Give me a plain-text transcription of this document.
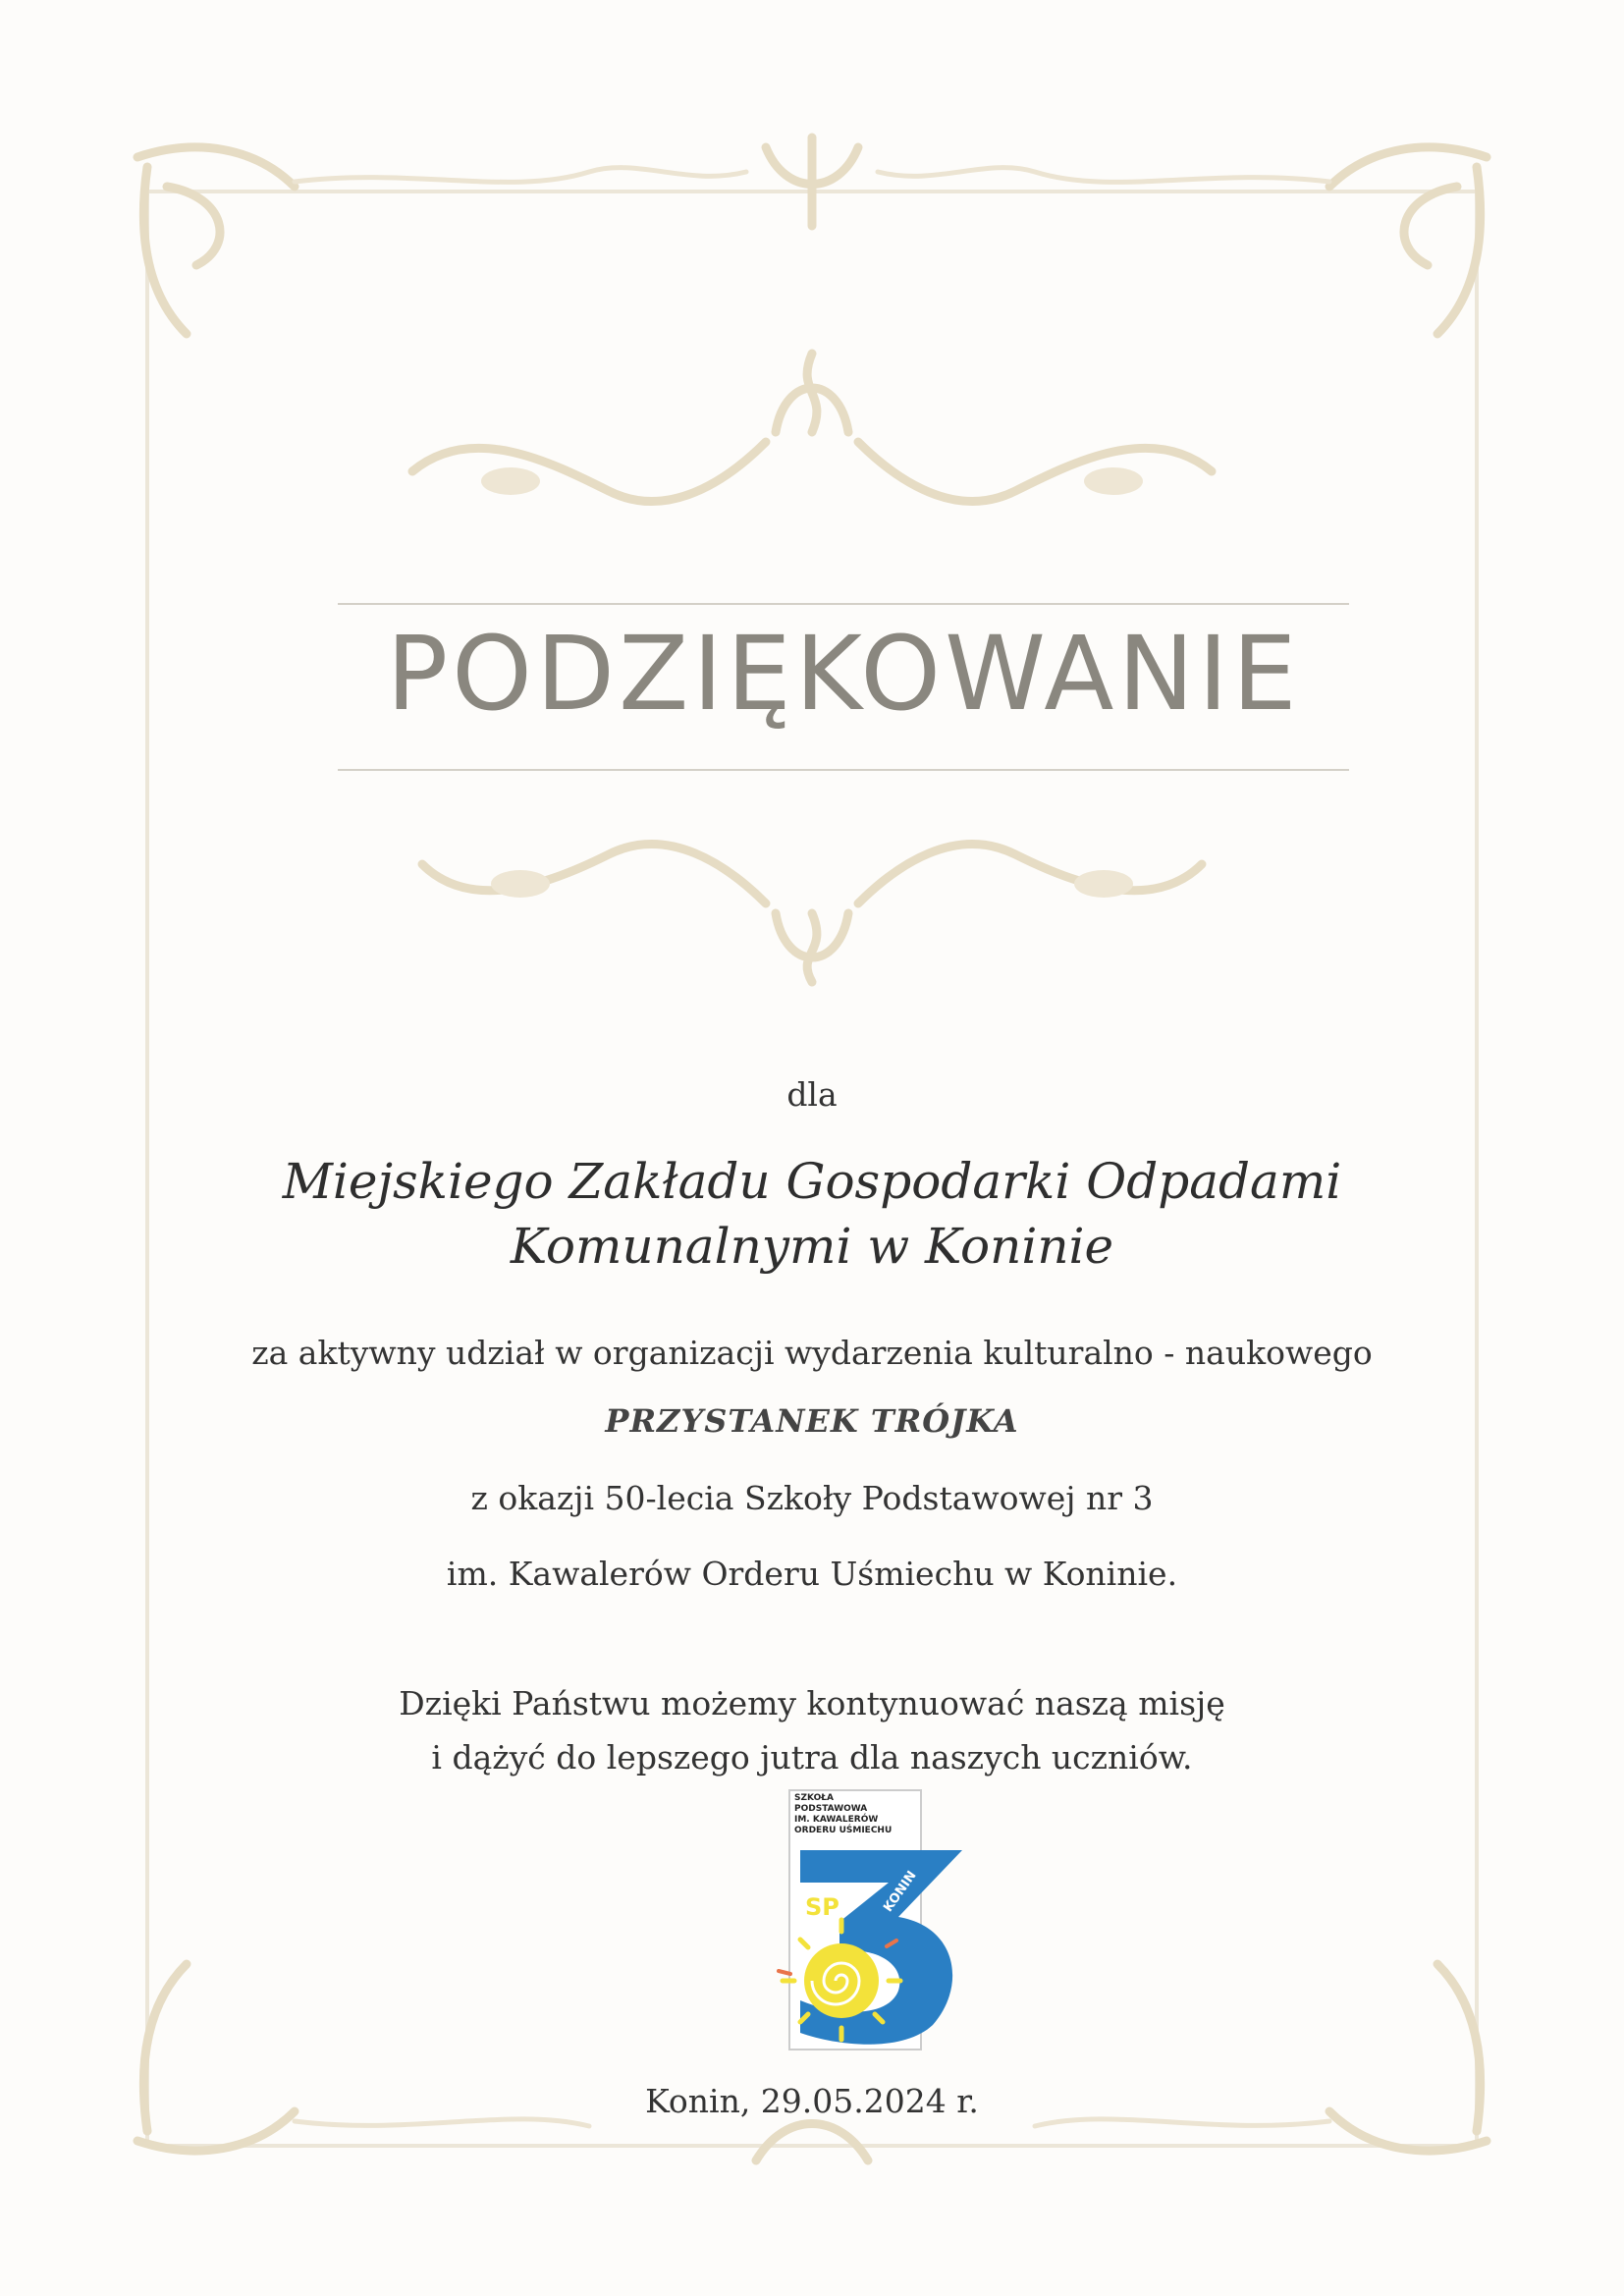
PODZIĘKOWANIE
dla
Miejskiego Zakładu Gospodarki Odpadami
Komunalnymi w Koninie
za aktywny udział w organizacji wydarzenia kulturalno - naukowego
PRZYSTANEK TRÓJKA
z okazji 50-lecia Szkoły Podstawowej nr 3
im. Kawalerów Orderu Uśmiechu w Koninie.
Dzięki Państwu możemy kontynuować naszą misję
i dążyć do lepszego jutra dla naszych uczniów.
SZKOŁA
PODSTAWOWA
IM. KAWALERÓW
ORDERU UŚMIECHU
SP	KONIN
Konin, 29.05.2024 r.
